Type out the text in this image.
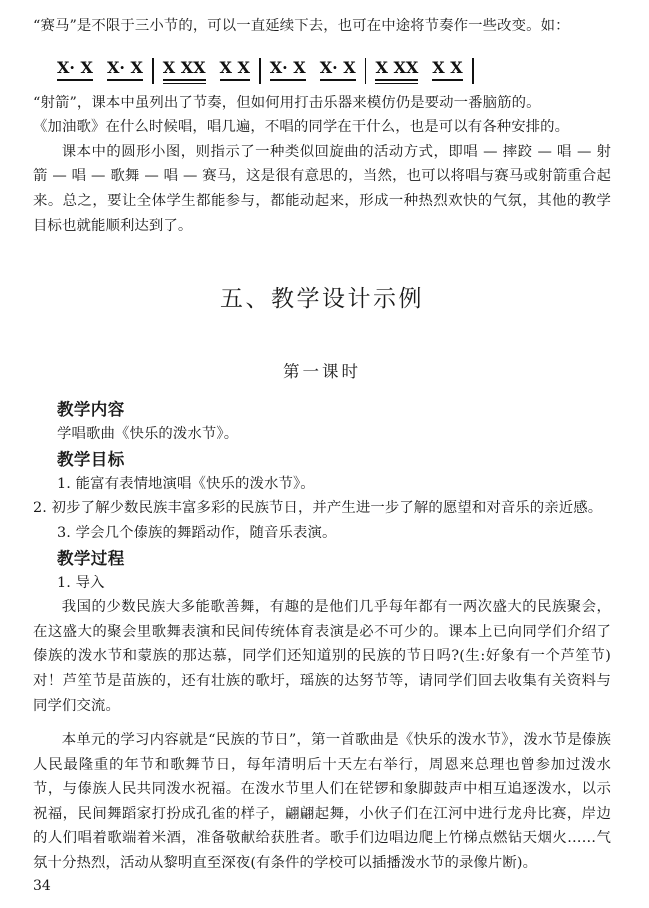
“赛马”是不限于三小节的，可以一直延续下去，也可在中途将节奏作一些改变。如：

X· X X· X X XX X X X· X X· X X XX X X

“射箭”，课本中虽列出了节奏，但如何用打击乐器来模仿仍是要动一番脑筋的。

《加油歌》在什么时候唱，唱几遍，不唱的同学在干什么，也是可以有各种安排的。

课本中的圆形小图，则指示了一种类似回旋曲的活动方式，即唱 — 摔跤 — 唱 — 射箭 — 唱 — 歌舞 — 唱 — 赛马，这是很有意思的，当然，也可以将唱与赛马或射箭重合起来。总之，要让全体学生都能参与，都能动起来，形成一种热烈欢快的气氛，其他的教学目标也就能顺利达到了。

五、教学设计示例
第一课时
教学内容

学唱歌曲《快乐的泼水节》。

教学目标

1. 能富有表情地演唱《快乐的泼水节》。

2. 初步了解少数民族丰富多彩的民族节日，并产生进一步了解的愿望和对音乐的亲近感。

3. 学会几个傣族的舞蹈动作，随音乐表演。

教学过程

1. 导入

我国的少数民族大多能歌善舞，有趣的是他们几乎每年都有一两次盛大的民族聚会，在这盛大的聚会里歌舞表演和民间传统体育表演是必不可少的。课本上已向同学们介绍了傣族的泼水节和蒙族的那达慕，同学们还知道别的民族的节日吗?(生:好象有一个芦笙节)对！芦笙节是苗族的，还有壮族的歌圩，瑶族的达努节等，请同学们回去收集有关资料与同学们交流。

本单元的学习内容就是“民族的节日”，第一首歌曲是《快乐的泼水节》，泼水节是傣族人民最隆重的年节和歌舞节日，每年清明后十天左右举行，周恩来总理也曾参加过泼水节，与傣族人民共同泼水祝福。在泼水节里人们在铓锣和象脚鼓声中相互追逐泼水，以示祝福，民间舞蹈家打扮成孔雀的样子，翩翩起舞，小伙子们在江河中进行龙舟比赛，岸边的人们唱着歌端着米酒，准备敬献给获胜者。歌手们边唱边爬上竹梯点燃钻天烟火……气氛十分热烈，活动从黎明直至深夜(有条件的学校可以插播泼水节的录像片断)。

34
